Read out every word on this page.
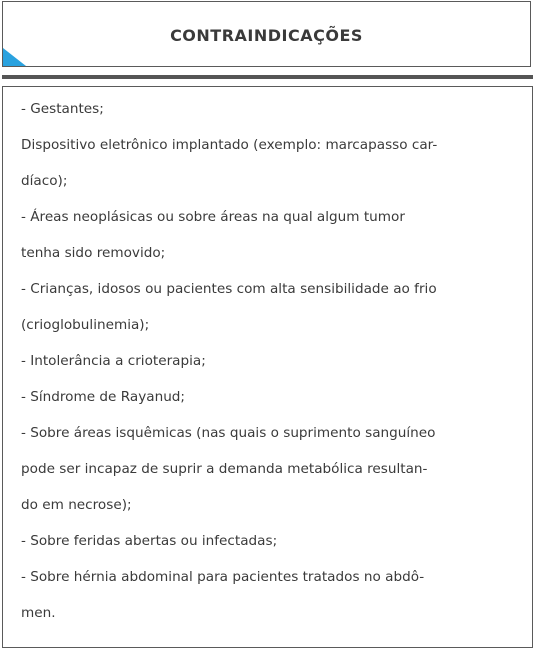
CONTRAINDICAÇÕES
- Gestantes;
Dispositivo eletrônico implantado (exemplo: marcapasso car-
díaco);
- Áreas neoplásicas ou sobre áreas na qual algum tumor
tenha sido removido;
- Crianças, idosos ou pacientes com alta sensibilidade ao frio
(crioglobulinemia);
- Intolerância a crioterapia;
- Síndrome de Rayanud;
- Sobre áreas isquêmicas (nas quais o suprimento sanguíneo
pode ser incapaz de suprir a demanda metabólica resultan-
do em necrose);
- Sobre feridas abertas ou infectadas;
- Sobre hérnia abdominal para pacientes tratados no abdô-
men.
